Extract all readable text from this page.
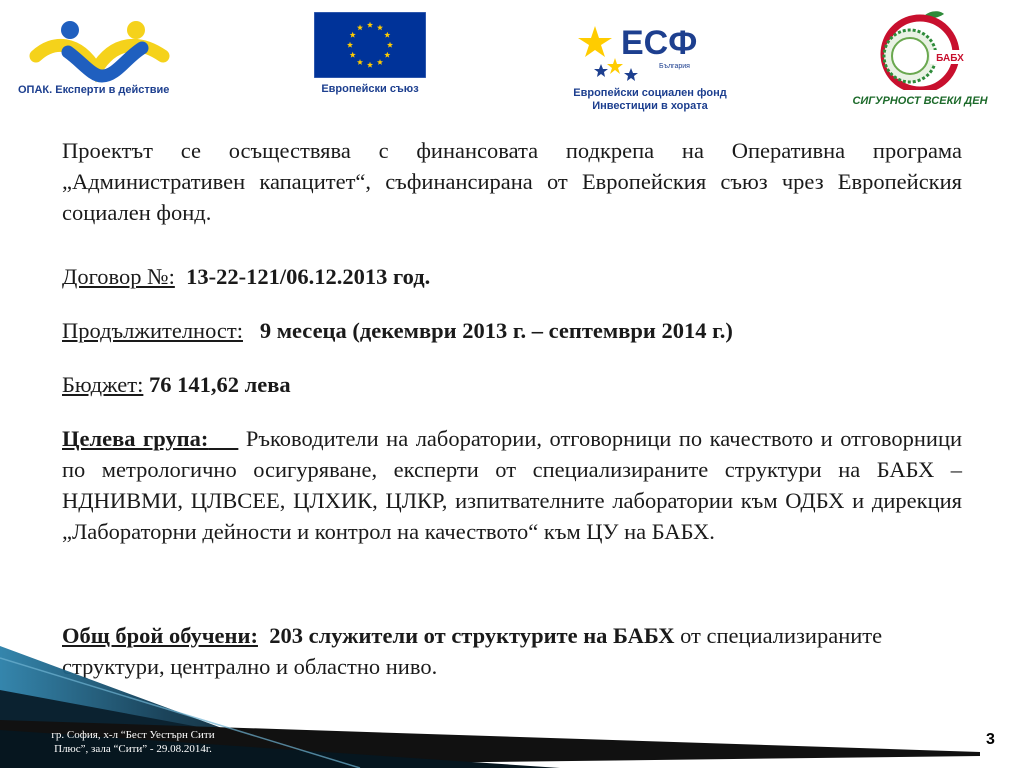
ОПАК. Експерти в действие	Европейски съюз
ЕСФ
България
Европейски социален фонд
Инвестиции в хората
БАБХ
СИГУРНОСТ ВСЕКИ ДЕН
Проектът се осъществява с финансовата подкрепа на Оперативна програма „Административен капацитет“, съфинансирана от Европейския съюз чрез Европейския социален фонд.
Договор №: 13-22-121/06.12.2013 год.
Продължителност: 9 месеца (декември 2013 г. – септември 2014 г.)
Бюджет: 76 141,62 лева
Целева група: Ръководители на лаборатории, отговорници по качеството и отговорници по метрологично осигуряване, експерти от специализираните структури на БАБХ – НДНИВМИ, ЦЛВСЕЕ, ЦЛХИК, ЦЛКР, изпитвателните лаборатории към ОДБХ и дирекция „Лабораторни дейности и контрол на качеството“ към ЦУ на БАБХ.
Общ брой обучени: 203 служители от структурите на БАБХ от специализираните структури, централно и областно ниво.
гр. София, х-л “Бест Уестърн Сити
Плюс”, зала “Сити” - 29.08.2014г.
3
